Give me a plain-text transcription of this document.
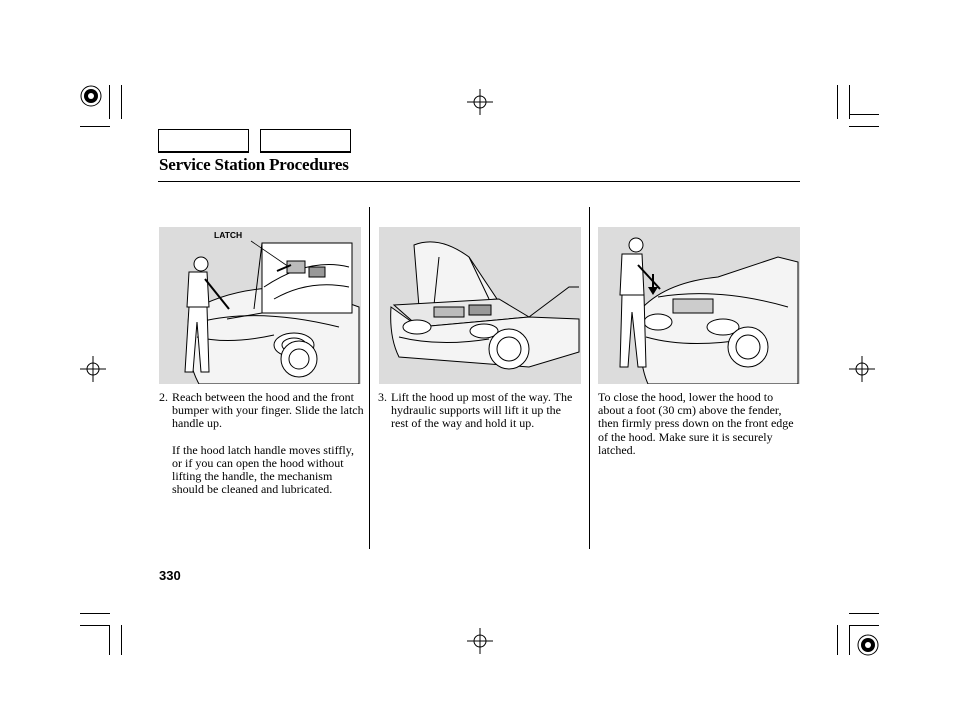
Service Station Procedures
LATCH
2. Reach between the hood and the front bumper with your finger. Slide the latch handle up.
If the hood latch handle moves stiffly, or if you can open the hood without lifting the handle, the mechanism should be cleaned and lubricated.
3. Lift the hood up most of the way. The hydraulic supports will lift it up the rest of the way and hold it up.
To close the hood, lower the hood to about a foot (30 cm) above the fender, then firmly press down on the front edge of the hood. Make sure it is securely latched.
330
